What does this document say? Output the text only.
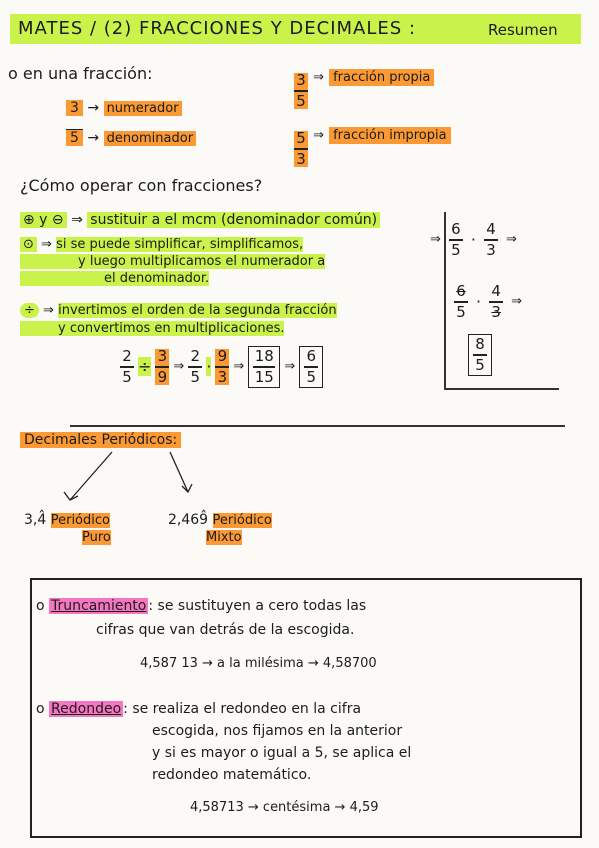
MATES / (2) FRACCIONES Y DECIMALES :	Resumen
o en una fracción:
3 → numerador
5 → denominador
$\frac{3}{5} ^\Rightarrow$ $^{fracción propia}$
$\frac{5}{3} ^\Rightarrow$ $^{fracción impropia}$
¿Cómo operar con fracciones?
⊕ y ⊖ ⇒ sustituir a el mcm (denominador común)
⊙ ⇒ si se puede simplificar, simplificamos,
y luego multiplicamos el numerador a
el denominador.
÷ ⇒ invertimos el orden de la segunda fracción
y convertimos en multiplicaciones.
$\frac{2}{5} \div \frac{3}{9}$ ⇒ $\frac{2}{5} \cdot \frac{9}{3}$ ⇒ $\frac{18}{15}$ ⇒ $\frac{6}{5}$
⇒ $\frac{6}{5} \cdot \frac{4}{3}$ ⇒
$\frac{6}{5} \cdot \frac{4}{3}$ ⇒
$\frac{8}{5}$
Decimales Periódicos:
3,4̂ Periódico
Puro
2,469̂ Periódico
Mixto
o Truncamiento : se sustituyen a cero todas las
cifras que van detrás de la escogida.
4,587 13 → a la milésima → 4,58700
o Redondeo : se realiza el redondeo en la cifra
escogida, nos fijamos en la anterior
y si es mayor o igual a 5, se aplica el
redondeo matemático.
4,58713 → centésima → 4,59
